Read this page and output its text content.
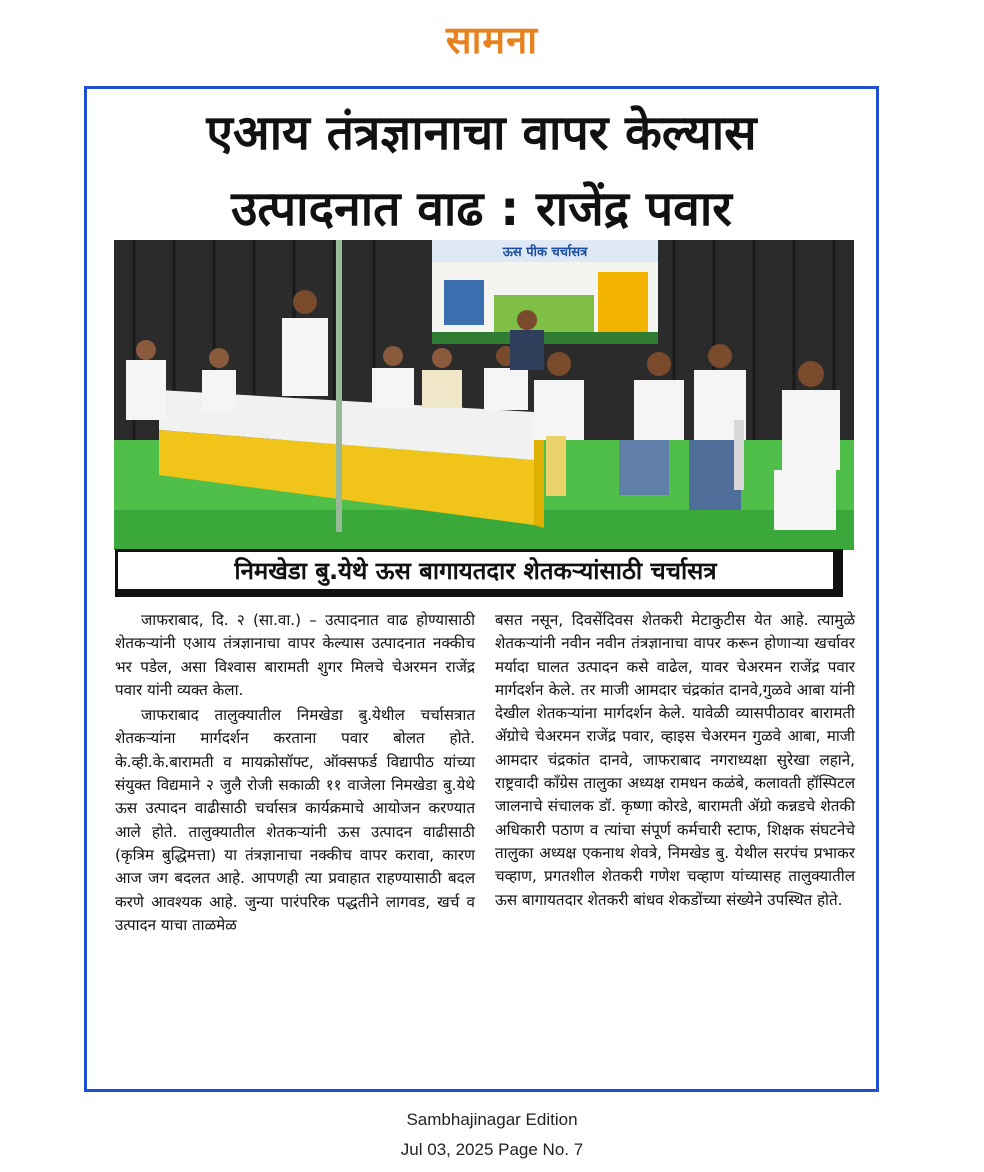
सामना
एआय तंत्रज्ञानाचा वापर केल्यास
उत्पादनात वाढ : राजेंद्र पवार
ऊस पीक चर्चासत्र
निमखेडा बु.येथे ऊस बागायतदार शेतकऱ्यांसाठी चर्चासत्र

जाफराबाद, दि. २ (सा.वा.) – उत्पादनात वाढ होण्यासाठी शेतकऱ्यांनी एआय तंत्रज्ञानाचा वापर केल्यास उत्पादनात नक्कीच भर पडेल, असा विश्वास बारामती शुगर मिलचे चेअरमन राजेंद्र पवार यांनी व्यक्त केला.

जाफराबाद तालुक्यातील निमखेडा बु.येथील चर्चासत्रात शेतकऱ्यांना मार्गदर्शन करताना पवार बोलत होते. के.व्ही.के.बारामती व मायक्रोसॉफ्ट, ऑक्सफर्ड विद्यापीठ यांच्या संयुक्त विद्यमाने २ जुलै रोजी सकाळी ११ वाजेला निमखेडा बु.येथे ऊस उत्पादन वाढीसाठी चर्चासत्र कार्यक्रमाचे आयोजन करण्यात आले होते. तालुक्यातील शेतकऱ्यांनी ऊस उत्पादन वाढीसाठी (कृत्रिम बुद्धिमत्ता) या तंत्रज्ञानाचा नक्कीच वापर करावा, कारण आज जग बदलत आहे. आपणही त्या प्रवाहात राहण्यासाठी बदल करणे आवश्यक आहे. जुन्या पारंपरिक पद्धतीने लागवड, खर्च व उत्पादन याचा ताळमेळ

बसत नसून, दिवसेंदिवस शेतकरी मेटाकुटीस येत आहे. त्यामुळे शेतकऱ्यांनी नवीन नवीन तंत्रज्ञानाचा वापर करून होणाऱ्या खर्चावर मर्यादा घालत उत्पादन कसे वाढेल, यावर चेअरमन राजेंद्र पवार मार्गदर्शन केले. तर माजी आमदार चंद्रकांत दानवे,गुळवे आबा यांनी देखील शेतकऱ्यांना मार्गदर्शन केले. यावेळी व्यासपीठावर बारामती ॲग्रोचे चेअरमन राजेंद्र पवार, व्हाइस चेअरमन गुळवे आबा, माजी आमदार चंद्रकांत दानवे, जाफराबाद नगराध्यक्षा सुरेखा लहाने, राष्ट्रवादी कॉंग्रेस तालुका अध्यक्ष रामधन कळंबे, कलावती हॉस्पिटल जालनाचे संचालक डॉ. कृष्णा कोरडे, बारामती ॲग्रो कन्नडचे शेतकी अधिकारी पठाण व त्यांचा संपूर्ण कर्मचारी स्टाफ, शिक्षक संघटनेचे तालुका अध्यक्ष एकनाथ शेवत्रे, निमखेड बु. येथील सरपंच प्रभाकर चव्हाण, प्रगतशील शेतकरी गणेश चव्हाण यांच्यासह तालुक्यातील ऊस बागायतदार शेतकरी बांधव शेकडोंच्या संख्येने उपस्थित होते.

Sambhajinagar Edition
Jul 03, 2025 Page No. 7
